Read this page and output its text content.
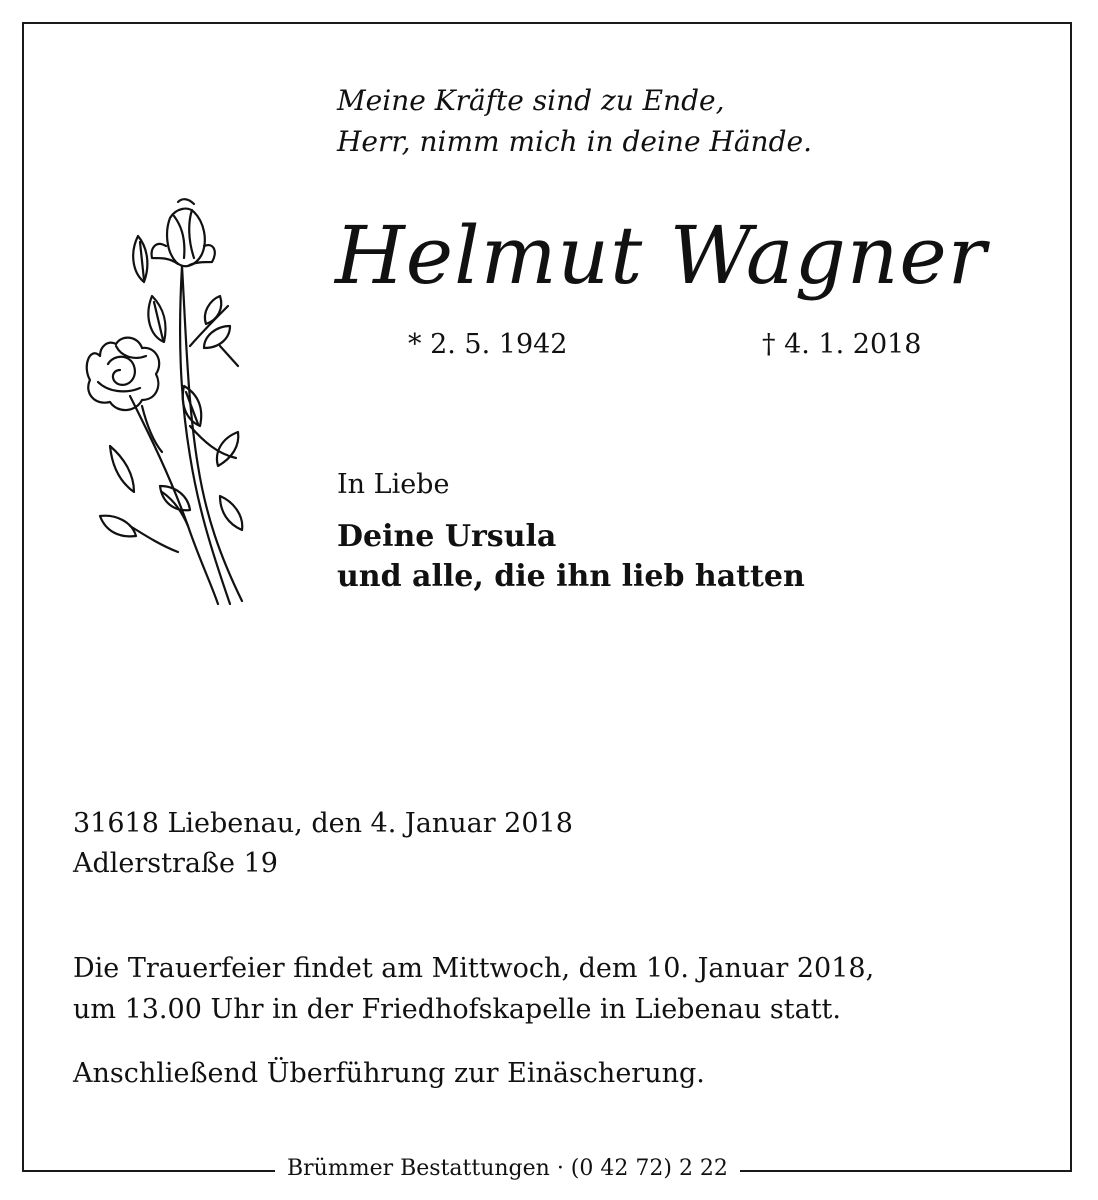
Meine Kräfte sind zu Ende,
Herr, nimm mich in deine Hände.
Helmut Wagner
* 2. 5. 1942	† 4. 1. 2018
In Liebe
Deine Ursula
und alle, die ihn lieb hatten
31618 Liebenau, den 4. Januar 2018
Adlerstraße 19
Die Trauerfeier findet am Mittwoch, dem 10. Januar 2018,
um 13.00 Uhr in der Friedhofskapelle in Liebenau statt.
Anschließend Überführung zur Einäscherung.
Brümmer Bestattungen · (0 42 72) 2 22
